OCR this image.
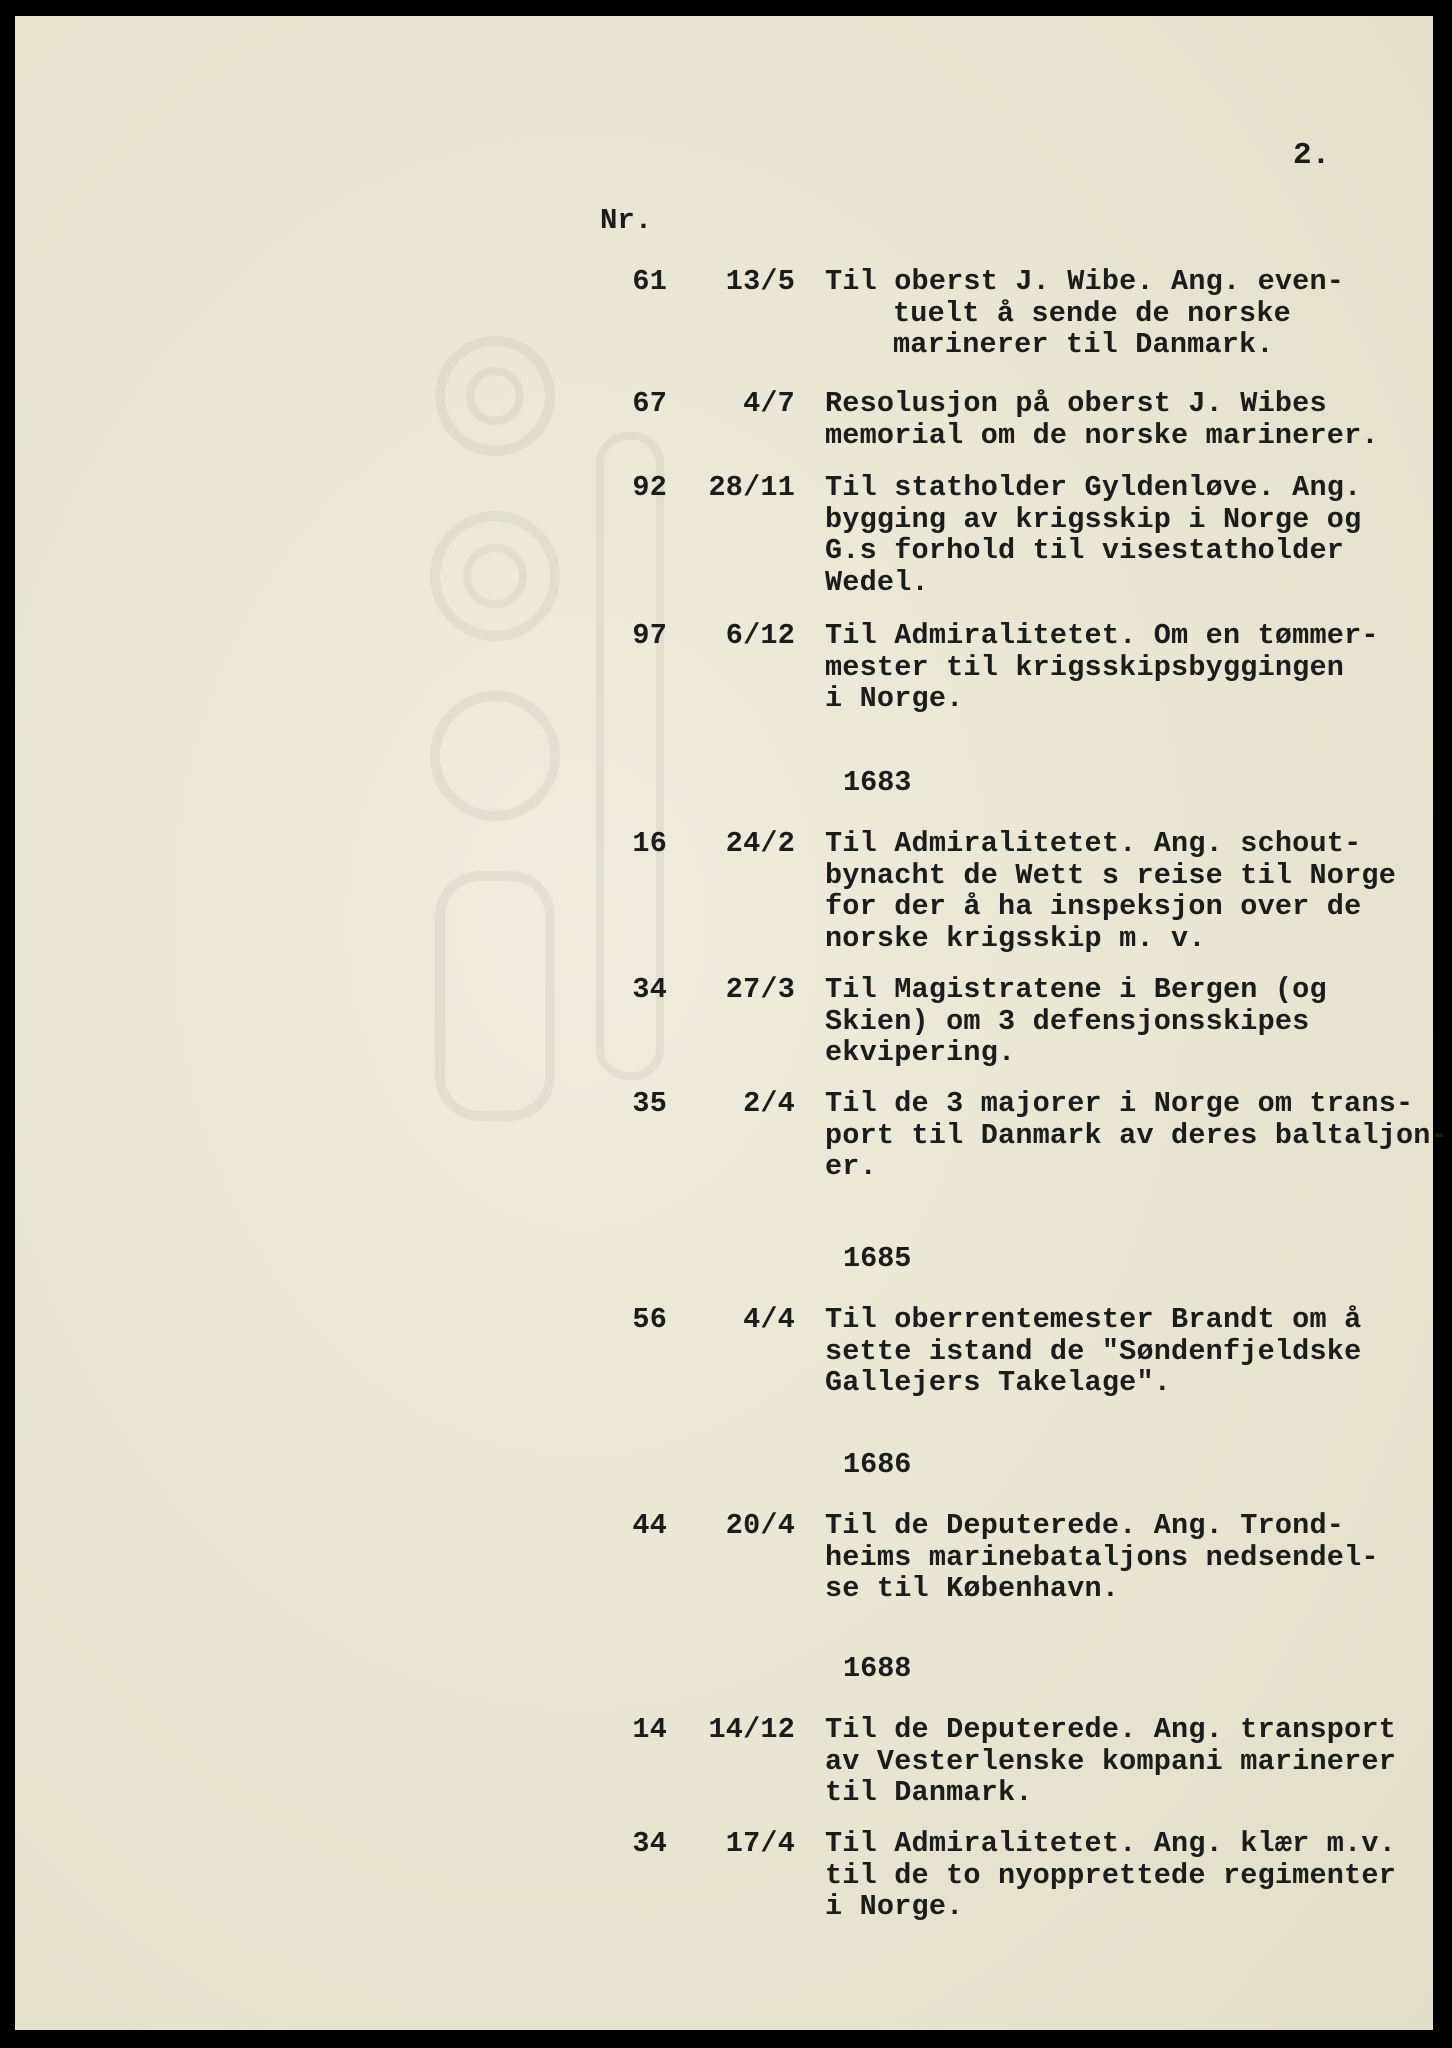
2.
Nr.
61	13/5 Til oberst J. Wibe. Ang. even-
tuelt å sende de norske
marinerer til Danmark.
67	4/7 Resolusjon på oberst J. Wibes
memorial om de norske marinerer.
92	28/11 Til statholder Gyldenløve. Ang.
bygging av krigsskip i Norge og
G.s forhold til visestatholder
Wedel.
97	6/12 Til Admiralitetet. Om en tømmer-
mester til krigsskipsbyggingen
i Norge.
1683
16	24/2 Til Admiralitetet. Ang. schout-
bynacht de Wett s reise til Norge
for der å ha inspeksjon over de
norske krigsskip m. v.
34	27/3 Til Magistratene i Bergen (og
Skien) om 3 defensjonsskipes
ekvipering.
35	2/4 Til de 3 majorer i Norge om trans-
port til Danmark av deres baltaljon-
er.
1685
56	4/4 Til oberrentemester Brandt om å
sette istand de "Søndenfjeldske
Gallejers Takelage".
1686
44	20/4 Til de Deputerede. Ang. Trond-
heims marinebataljons nedsendel-
se til København.
1688
14	14/12 Til de Deputerede. Ang. transport
av Vesterlenske kompani marinerer
til Danmark.
34	17/4 Til Admiralitetet. Ang. klær m.v.
til de to nyopprettede regimenter
i Norge.
